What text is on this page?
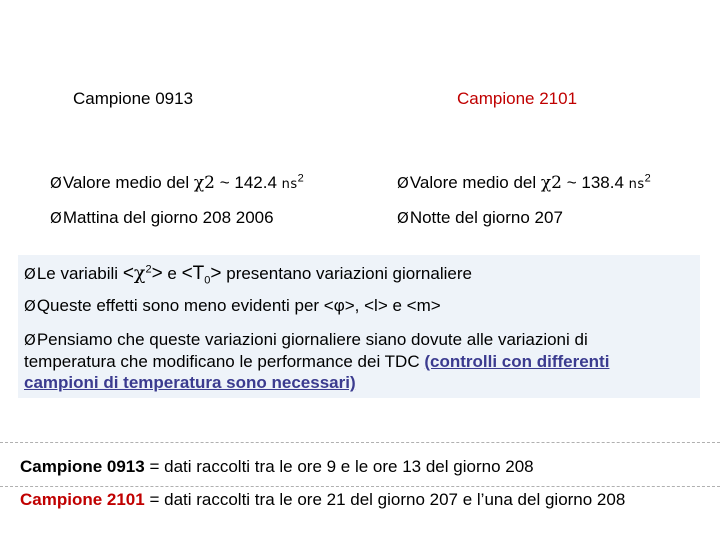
Campione 0913	Campione 2101
ØValore medio del χ2 ~ 142.4 $ns^2$
ØMattina del giorno 208 2006
ØValore medio del χ2 ~ 138.4 $ns^2$
ØNotte del giorno 207
ØLe variabili $<\chi^2> e <T_0>$ presentano variazioni giornaliere
ØQueste effetti sono meno evidenti per <φ>, <l> e <m>
ØPensiamo che queste variazioni giornaliere siano dovute alle variazioni di
temperatura che modificano le performance dei TDC (controlli con differenti
campioni di temperatura sono necessari)
Campione 0913 = dati raccolti tra le ore 9 e le ore 13 del giorno 208
Campione 2101 = dati raccolti tra le ore 21 del giorno 207 e l’una del giorno 208
